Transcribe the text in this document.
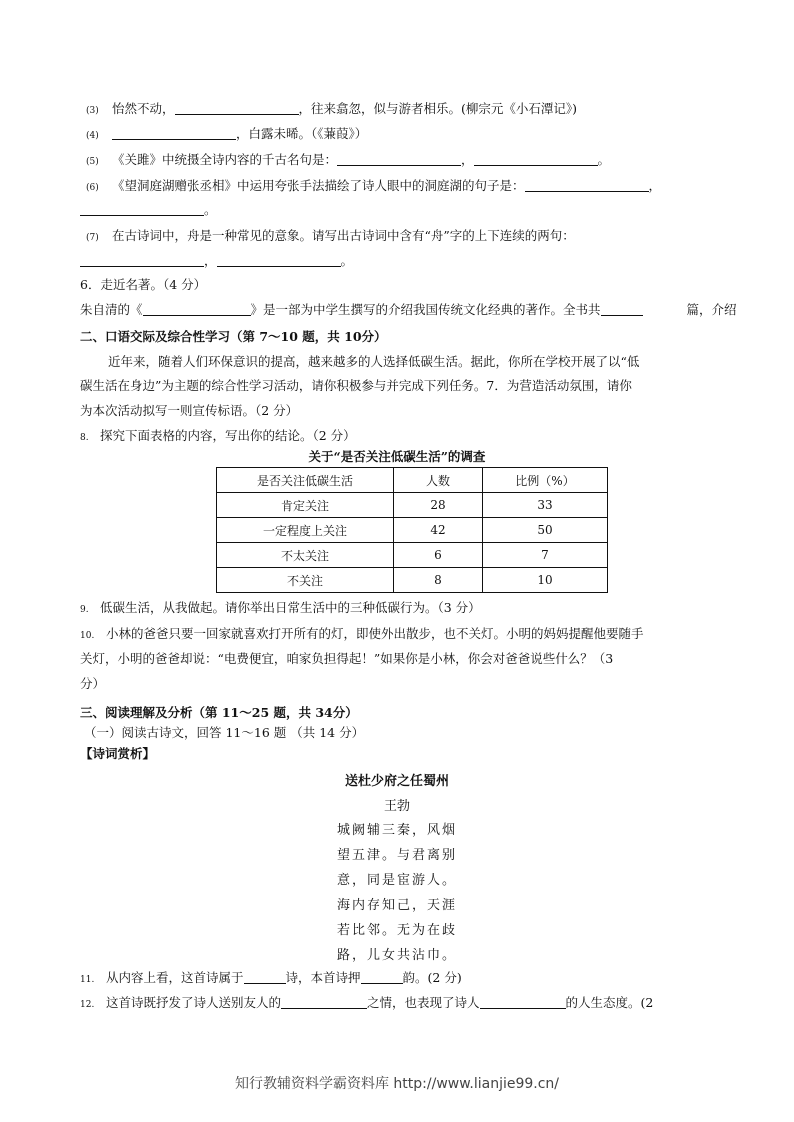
(3) 怡然不动，	，往来翕忽，似与游者相乐。(柳宗元《小石潭记》)
(4)	，白露未晞。（《蒹葭》）
(5) 《关雎》中统摄全诗内容的千古名句是：	，	。
(6) 《望洞庭湖赠张丞相》中运用夸张手法描绘了诗人眼中的洞庭湖的句子是：	，
。
(7) 在古诗词中，舟是一种常见的意象。请写出古诗词中含有“舟”字的上下连续的两句：
，	。
6．走近名著。（4 分）
朱自清的《	》是一部为中学生撰写的介绍我国传统文化经典的著作。全书共	篇，介绍
二、口语交际及综合性学习（第 7～10 题，共 10分）
近年来，随着人们环保意识的提高，越来越多的人选择低碳生活。据此，你所在学校开展了以“低
碳生活在身边”为主题的综合性学习活动，请你积极参与并完成下列任务。7．为营造活动氛围，请你
为本次活动拟写一则宣传标语。（2 分）
8. 探究下面表格的内容，写出你的结论。（2 分）
关于“是否关注低碳生活”的调查
是否关注低碳生活	人数	比例（%）
肯定关注	28	33
一定程度上关注	42	50
不太关注	6	7
不关注	8	10
9. 低碳生活，从我做起。请你举出日常生活中的三种低碳行为。（3 分）
10. 小林的爸爸只要一回家就喜欢打开所有的灯，即使外出散步，也不关灯。小明的妈妈提醒他要随手
关灯，小明的爸爸却说：“电费便宜，咱家负担得起！”如果你是小林，你会对爸爸说些什么？（3
分）
三、阅读理解及分析（第 11～25 题，共 34分）
（一）阅读古诗文，回答 11～16 题 （共 14 分）
【诗词赏析】
送杜少府之任蜀州
王勃
城阙辅三秦，风烟
望五津。与君离别
意，同是宦游人。
海内存知己，天涯
若比邻。无为在歧
路，儿女共沾巾。
11. 从内容上看，这首诗属于	诗，本首诗押	韵。(2 分)
12. 这首诗既抒发了诗人送别友人的	之情，也表现了诗人	的人生态度。(2
知行教辅资料学霸资料库 http://www.lianjie99.cn/
